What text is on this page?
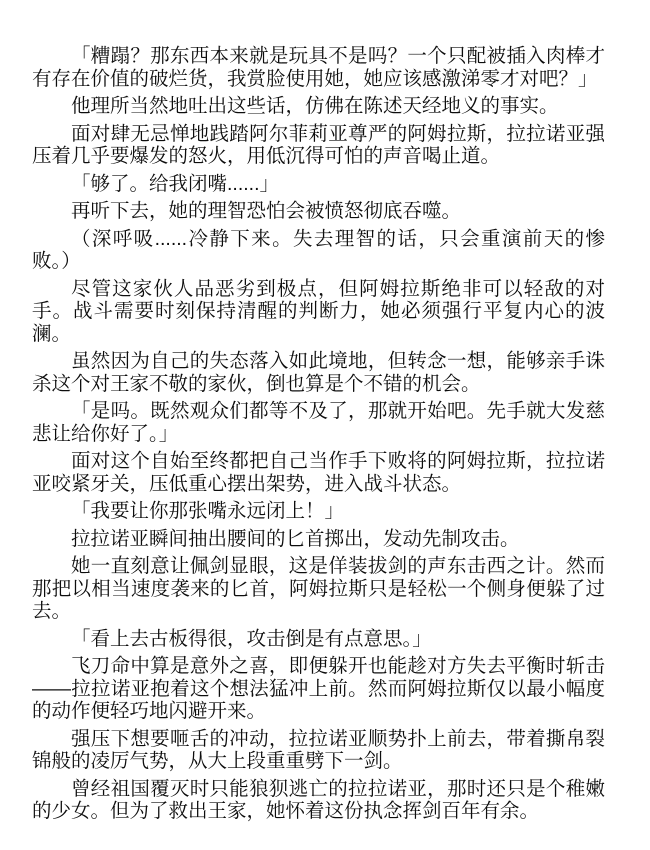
「糟蹋？那东西本来就是玩具不是吗？一个只配被插入肉棒才有存在价值的破烂货，我赏脸使用她，她应该感激涕零才对吧？」

他理所当然地吐出这些话，仿佛在陈述天经地义的事实。

面对肆无忌惮地践踏阿尔菲莉亚尊严的阿姆拉斯，拉拉诺亚强压着几乎要爆发的怒火，用低沉得可怕的声音喝止道。

「够了。给我闭嘴......」

再听下去，她的理智恐怕会被愤怒彻底吞噬。

（深呼吸......冷静下来。失去理智的话，只会重演前天的惨败。）

尽管这家伙人品恶劣到极点，但阿姆拉斯绝非可以轻敌的对手。战斗需要时刻保持清醒的判断力，她必须强行平复内心的波澜。

虽然因为自己的失态落入如此境地，但转念一想，能够亲手诛杀这个对王家不敬的家伙，倒也算是个不错的机会。

「是吗。既然观众们都等不及了，那就开始吧。先手就大发慈悲让给你好了。」

面对这个自始至终都把自己当作手下败将的阿姆拉斯，拉拉诺亚咬紧牙关，压低重心摆出架势，进入战斗状态。

「我要让你那张嘴永远闭上！」

拉拉诺亚瞬间抽出腰间的匕首掷出，发动先制攻击。

她一直刻意让佩剑显眼，这是佯装拔剑的声东击西之计。然而那把以相当速度袭来的匕首，阿姆拉斯只是轻松一个侧身便躲了过去。

「看上去古板得很，攻击倒是有点意思。」

飞刀命中算是意外之喜，即便躲开也能趁对方失去平衡时斩击——拉拉诺亚抱着这个想法猛冲上前。然而阿姆拉斯仅以最小幅度的动作便轻巧地闪避开来。

强压下想要咂舌的冲动，拉拉诺亚顺势扑上前去，带着撕帛裂锦般的凌厉气势，从大上段重重劈下一剑。

曾经祖国覆灭时只能狼狈逃亡的拉拉诺亚，那时还只是个稚嫩的少女。但为了救出王家，她怀着这份执念挥剑百年有余。
